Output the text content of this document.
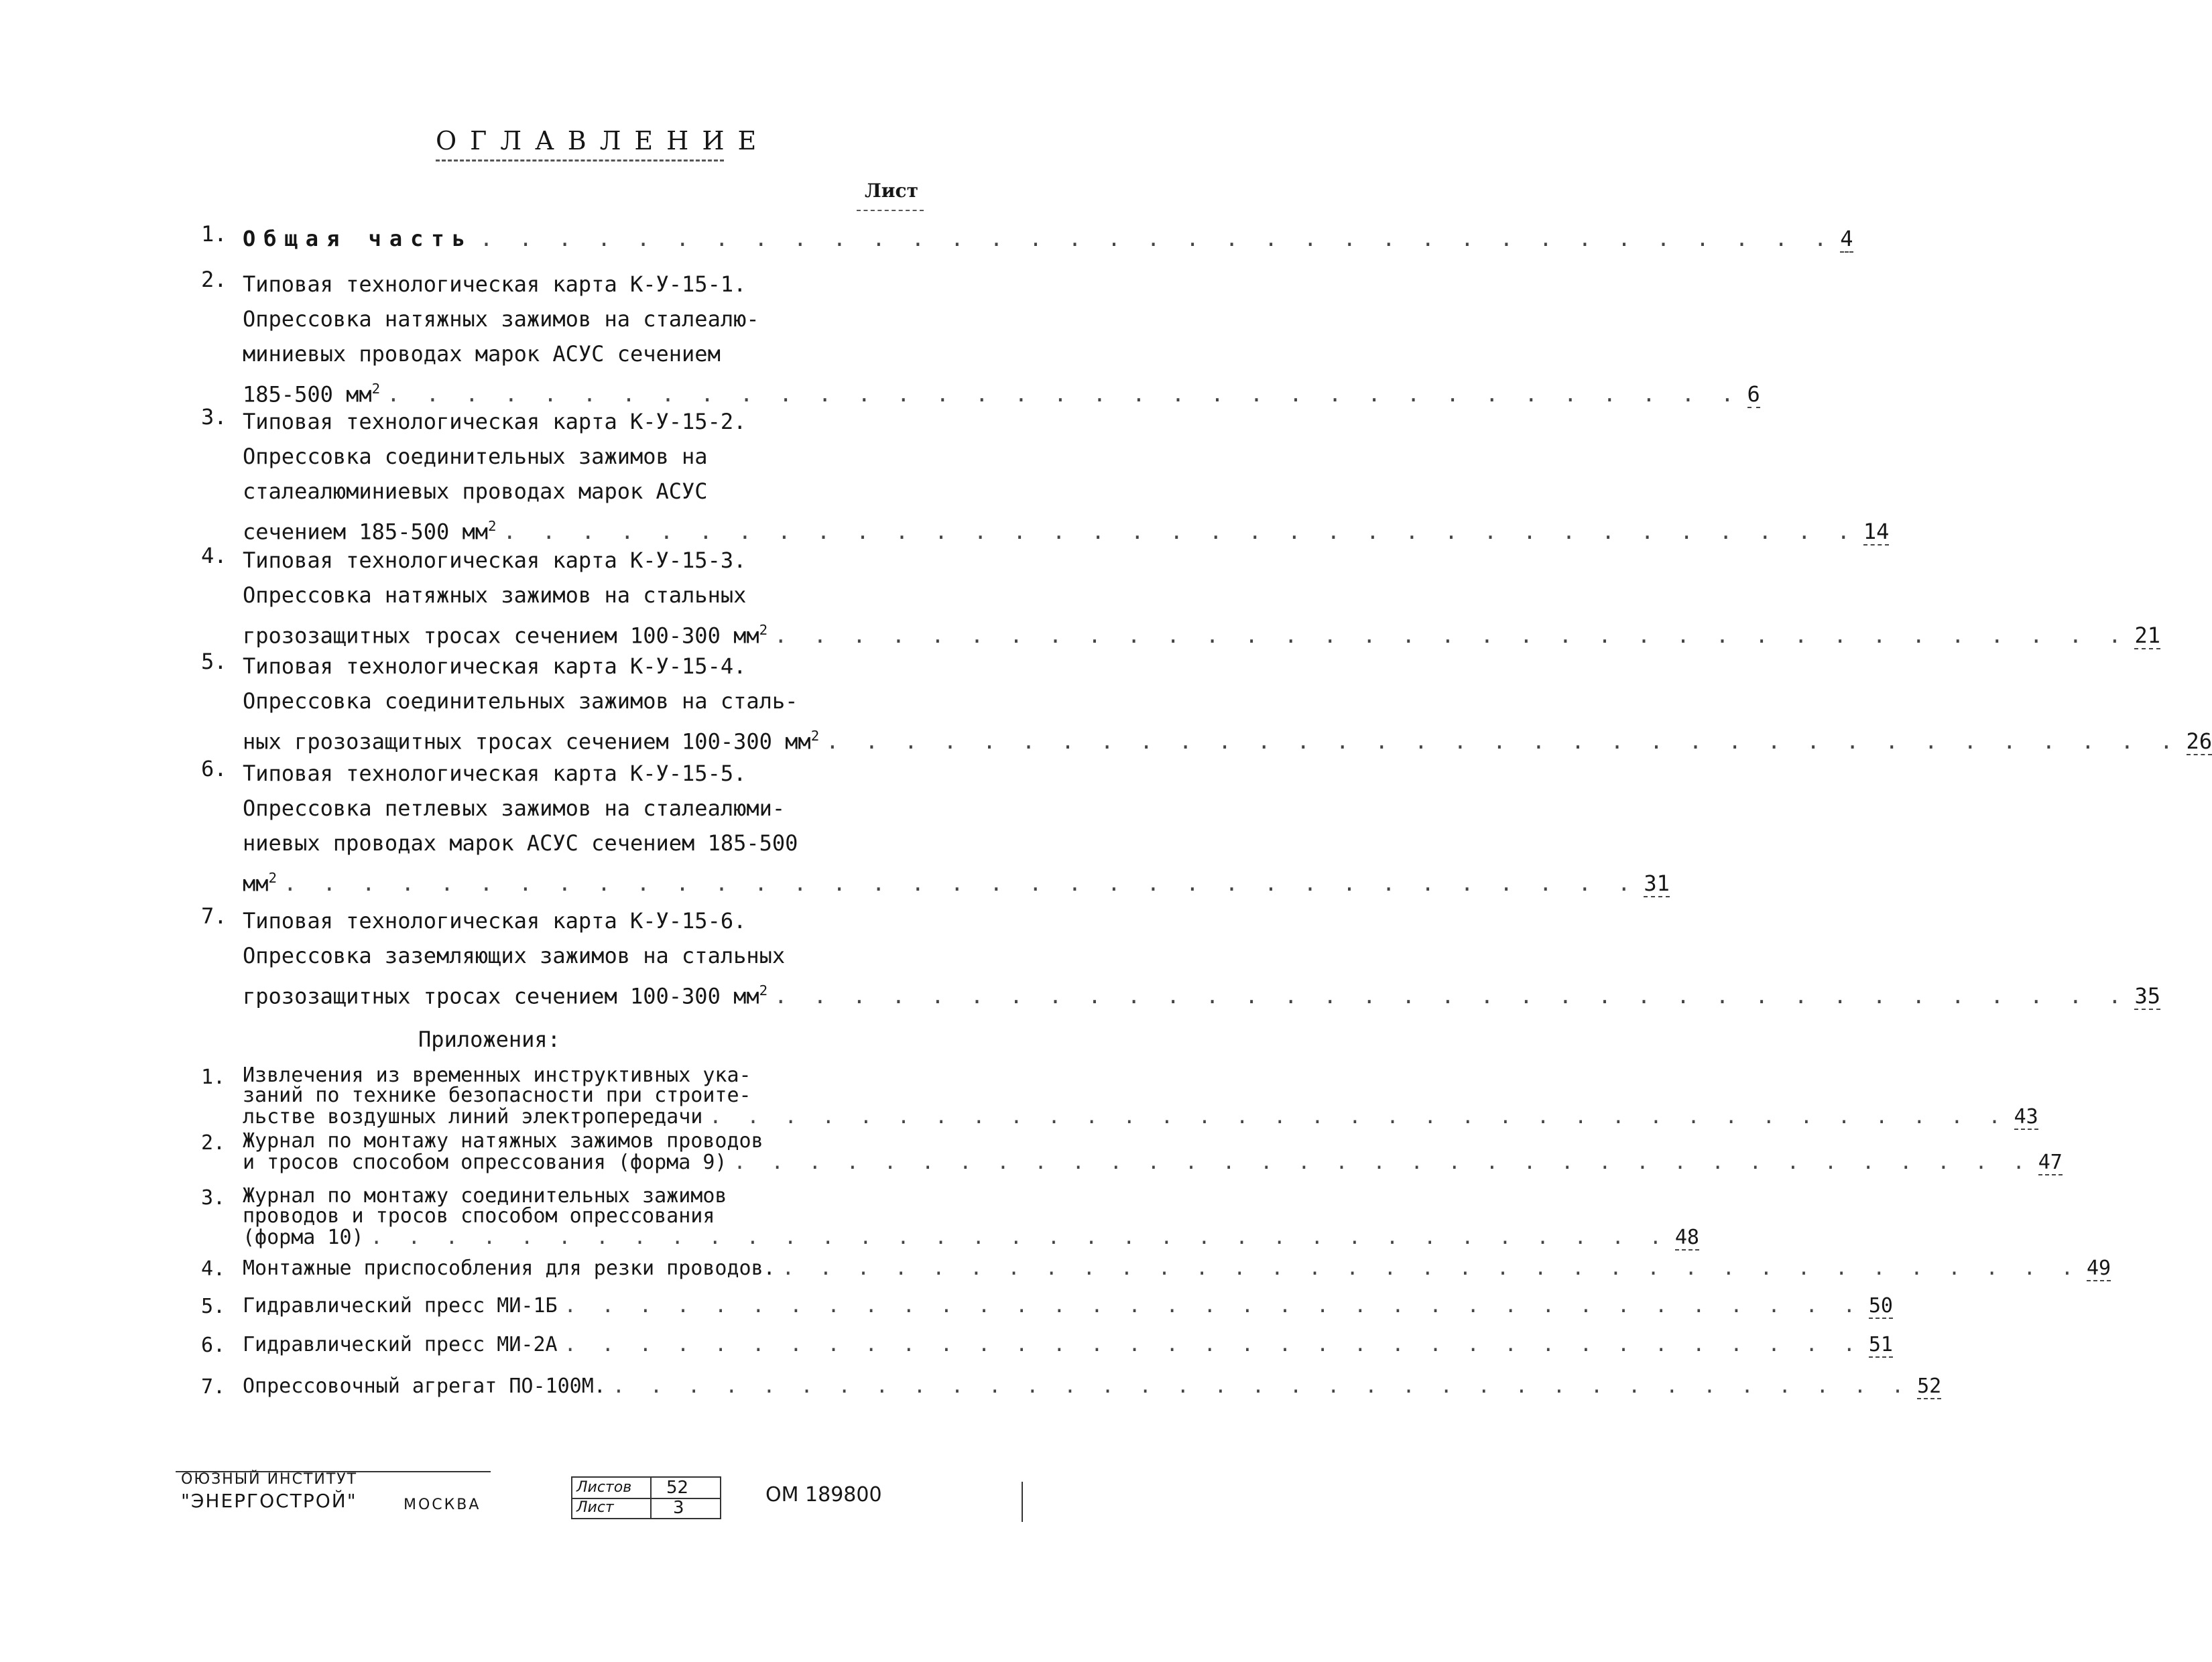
ОГЛАВЛЕНИЕ
Лист
1. Общая часть . . . . . . . . . . . . . . . . . . . . . . . . . . . . . . . . . . . 4
2. Типовая технологическая карта К-У-15-1.
Опрессовка натяжных зажимов на сталеалю-
миниевых проводах марок АСУС сечением
185-500 $мм^2$ . . . . . . . . . . . . . . . . . . . . . . . . . . . . . . . . . . . 6
3. Типовая технологическая карта К-У-15-2.
Опрессовка соединительных зажимов на
сталеалюминиевых проводах марок АСУС
сечением 185-500 $мм^2$ . . . . . . . . . . . . . . . . . . . . . . . . . . . . . . . . . . . 14
4. Типовая технологическая карта К-У-15-3.
Опрессовка натяжных зажимов на стальных
грозозащитных тросах сечением 100-300 $мм^2$ . . . . . . . . . . . . . . . . . . . . . . . . . . . . . . . . . . . 21
5. Типовая технологическая карта К-У-15-4.
Опрессовка соединительных зажимов на сталь-
ных грозозащитных тросах сечением 100-300 $мм^2$ . . . . . . . . . . . . . . . . . . . . . . . . . . . . . . . . . . . 26
6. Типовая технологическая карта К-У-15-5.
Опрессовка петлевых зажимов на сталеалюми-
ниевых проводах марок АСУС сечением 185-500
$мм^2$ . . . . . . . . . . . . . . . . . . . . . . . . . . . . . . . . . . . 31
7. Типовая технологическая карта К-У-15-6.
Опрессовка заземляющих зажимов на стальных
грозозащитных тросах сечением 100-300 $мм^2$ . . . . . . . . . . . . . . . . . . . . . . . . . . . . . . . . . . . 35
Приложения:
1. Извлечения из временных инструктивных ука-
заний по технике безопасности при строите-
льстве воздушных линий электропередачи . . . . . . . . . . . . . . . . . . . . . . . . . . . . . . . . . . . 43
2. Журнал по монтажу натяжных зажимов проводов
и тросов способом опрессования (форма 9) . . . . . . . . . . . . . . . . . . . . . . . . . . . . . . . . . . . 47
3. Журнал по монтажу соединительных зажимов
проводов и тросов способом опрессования
(форма 10) . . . . . . . . . . . . . . . . . . . . . . . . . . . . . . . . . . . 48
4. Монтажные приспособления для резки проводов. . . . . . . . . . . . . . . . . . . . . . . . . . . . . . . . . . . . 49
5. Гидравлический пресс МИ-1Б . . . . . . . . . . . . . . . . . . . . . . . . . . . . . . . . . . . 50
6. Гидравлический пресс МИ-2А . . . . . . . . . . . . . . . . . . . . . . . . . . . . . . . . . . . 51
7. Опрессовочный агрегат ПО-100М. . . . . . . . . . . . . . . . . . . . . . . . . . . . . . . . . . . . 52
ОЮЗНЫЙ ИНСТИТУТ
"ЭНЕРГОСТРОЙ"	МОСКВА
Листов 52
Лист	3
ОМ 189800
